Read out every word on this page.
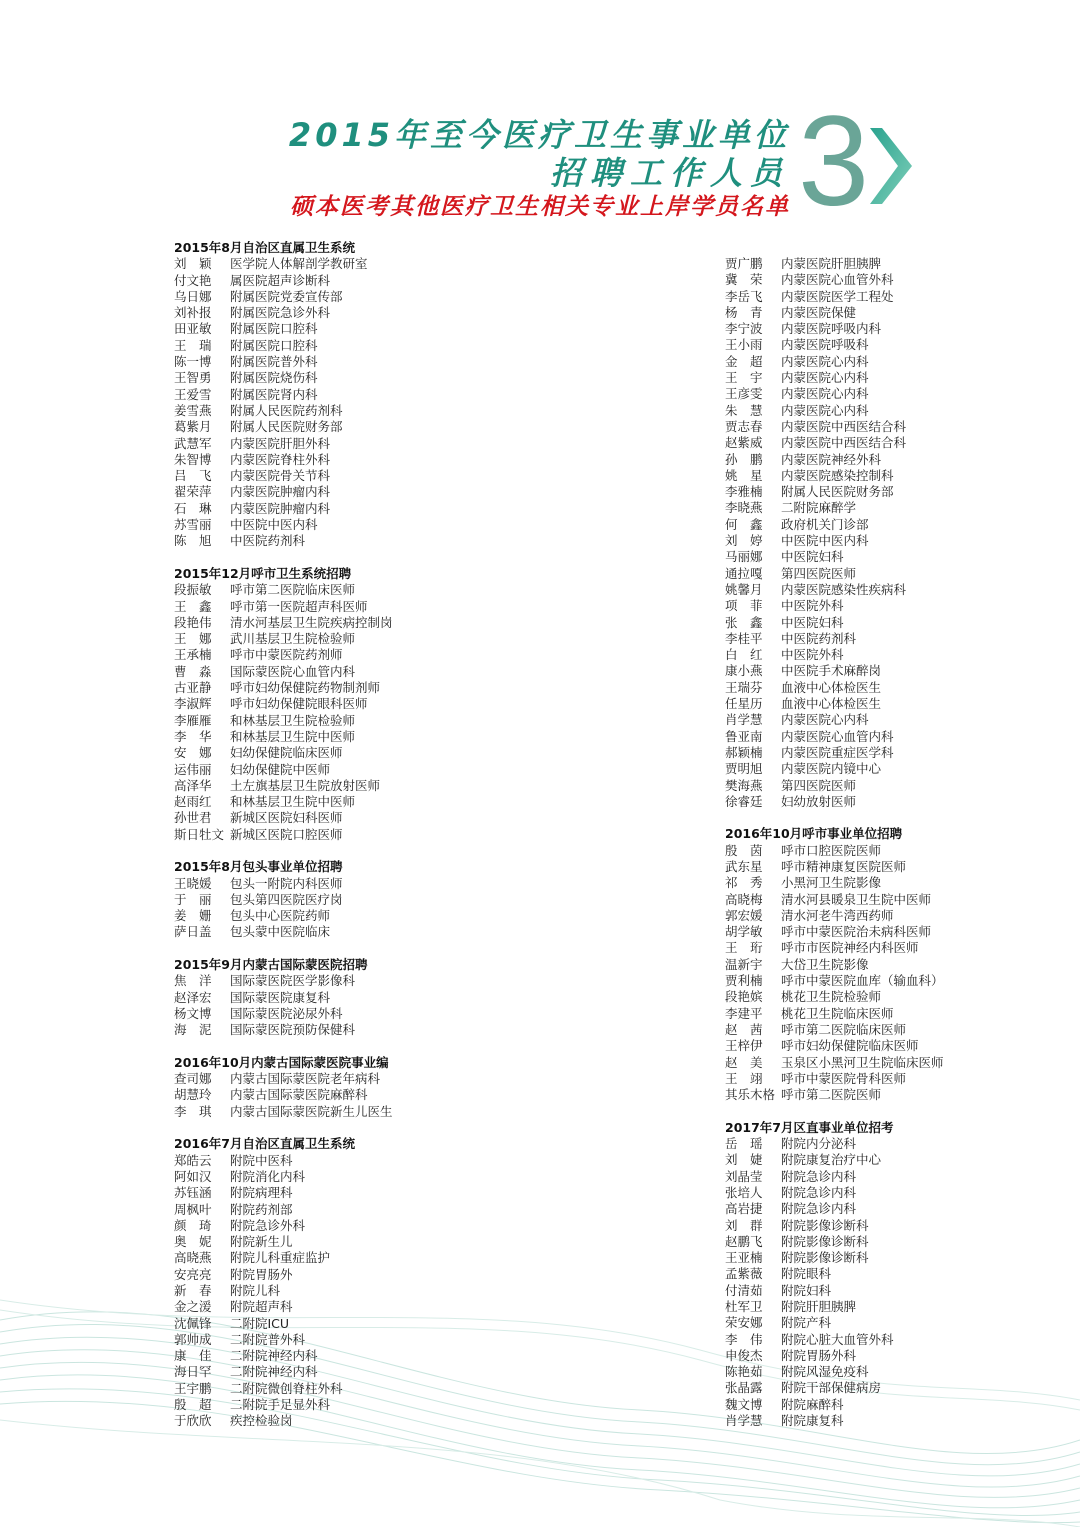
2015年至今医疗卫生事业单位
招聘工作人员
硕本医考其他医疗卫生相关专业上岸学员名单 3
2015年8月自治区直属卫生系统
刘　颖	医学院人体解剖学教研室
付文艳	属医院超声诊断科
乌日娜	附属医院党委宣传部
刘补报	附属医院急诊外科
田亚敏	附属医院口腔科
王　瑞	附属医院口腔科
陈一博	附属医院普外科
王智勇	附属医院烧伤科
王爱雪	附属医院肾内科
姜雪燕	附属人民医院药剂科
葛紫月	附属人民医院财务部
武慧军	内蒙医院肝胆外科
朱智博	内蒙医院脊柱外科
吕　飞	内蒙医院骨关节科
翟荣萍	内蒙医院肿瘤内科
石　琳	内蒙医院肿瘤内科
苏雪丽	中医院中医内科
陈　旭	中医院药剂科
2015年12月呼市卫生系统招聘
段振敏	呼市第二医院临床医师
王　鑫	呼市第一医院超声科医师
段艳伟	清水河基层卫生院疾病控制岗
王　娜	武川基层卫生院检验师
王承楠	呼市中蒙医院药剂师
曹　淼	国际蒙医院心血管内科
古亚静	呼市妇幼保健院药物制剂师
李淑辉	呼市妇幼保健院眼科医师
李雁雁	和林基层卫生院检验师
李　华	和林基层卫生院中医师
安　娜	妇幼保健院临床医师
运伟丽	妇幼保健院中医师
高泽华	土左旗基层卫生院放射医师
赵雨红	和林基层卫生院中医师
孙世君	新城区医院妇科医师
斯日牡文 新城区医院口腔医师
2015年8月包头事业单位招聘
王晓媛	包头一附院内科医师
于　丽	包头第四医院医疗岗
姜　姗	包头中心医院药师
萨日盖	包头蒙中医院临床
2015年9月内蒙古国际蒙医院招聘
焦　洋	国际蒙医院医学影像科
赵泽宏	国际蒙医院康复科
杨文博	国际蒙医院泌尿外科
海　泥	国际蒙医院预防保健科
2016年10月内蒙古国际蒙医院事业编
查司娜	内蒙古国际蒙医院老年病科
胡慧玲	内蒙古国际蒙医院麻醉科
李　琪	内蒙古国际蒙医院新生儿医生
2016年7月自治区直属卫生系统
郑皓云	附院中医科
阿如汉	附院消化内科
苏钰涵	附院病理科
周枫叶	附院药剂部
颜　琦	附院急诊外科
奥　妮	附院新生儿
高晓燕	附院儿科重症监护
安亮亮	附院胃肠外
新　春	附院儿科
金之湲	附院超声科
沈佩锋	二附院ICU
郭帅成	二附院普外科
康　佳	二附院神经内科
海日罕	二附院神经内科
王宇鹏	二附院微创脊柱外科
殷　超	二附院手足显外科
于欣欣	疾控检验岗
贾广鹏	内蒙医院肝胆胰脾
冀　荣	内蒙医院心血管外科
李岳飞	内蒙医院医学工程处
杨　青	内蒙医院保健
李宁波	内蒙医院呼吸内科
王小雨	内蒙医院呼吸科
金　超	内蒙医院心内科
王　宇	内蒙医院心内科
王彦雯	内蒙医院心内科
朱　慧	内蒙医院心内科
贾志春	内蒙医院中西医结合科
赵紫威	内蒙医院中西医结合科
孙　鹏	内蒙医院神经外科
姚　星	内蒙医院感染控制科
李雅楠	附属人民医院财务部
李晓燕	二附院麻醉学
何　鑫	政府机关门诊部
刘　婷	中医院中医内科
马丽娜	中医院妇科
通拉嘎	第四医院医师
姚馨月	内蒙医院感染性疾病科
项　菲	中医院外科
张　鑫	中医院妇科
李桂平	中医院药剂科
白　红	中医院外科
康小燕	中医院手术麻醉岗
王瑞芬	血液中心体检医生
任星历	血液中心体检医生
肖学慧	内蒙医院心内科
鲁亚南	内蒙医院心血管内科
郝颖楠	内蒙医院重症医学科
贾明旭	内蒙医院内镜中心
樊海燕	第四医院医师
徐睿廷	妇幼放射医师
2016年10月呼市事业单位招聘
殷　茵	呼市口腔医院医师
武东星	呼市精神康复医院医师
祁　秀	小黑河卫生院影像
高晓梅	清水河县暖泉卫生院中医师
郭宏媛	清水河老牛湾西药师
胡学敏	呼市中蒙医院治未病科医师
王　珩	呼市市医院神经内科医师
温新宇	大岱卫生院影像
贾利楠	呼市中蒙医院血库（输血科）
段艳嫔	桃花卫生院检验师
李建平	桃花卫生院临床医师
赵　茜	呼市第二医院临床医师
王梓伊	呼市妇幼保健院临床医师
赵　美	玉泉区小黑河卫生院临床医师
王　翊	呼市中蒙医院骨科医师
其乐木格 呼市第二医院医师
2017年7月区直事业单位招考
岳　瑶	附院内分泌科
刘　婕	附院康复治疗中心
刘晶莹	附院急诊内科
张培人	附院急诊内科
高岩捷	附院急诊内科
刘　群	附院影像诊断科
赵鹏飞	附院影像诊断科
王亚楠	附院影像诊断科
孟紫薇	附院眼科
付清茹	附院妇科
杜军卫	附院肝胆胰脾
荣安娜	附院产科
李　伟	附院心脏大血管外科
申俊杰	附院胃肠外科
陈艳茹	附院风湿免疫科
张晶露	附院干部保健病房
魏文博	附院麻醉科
肖学慧	附院康复科
